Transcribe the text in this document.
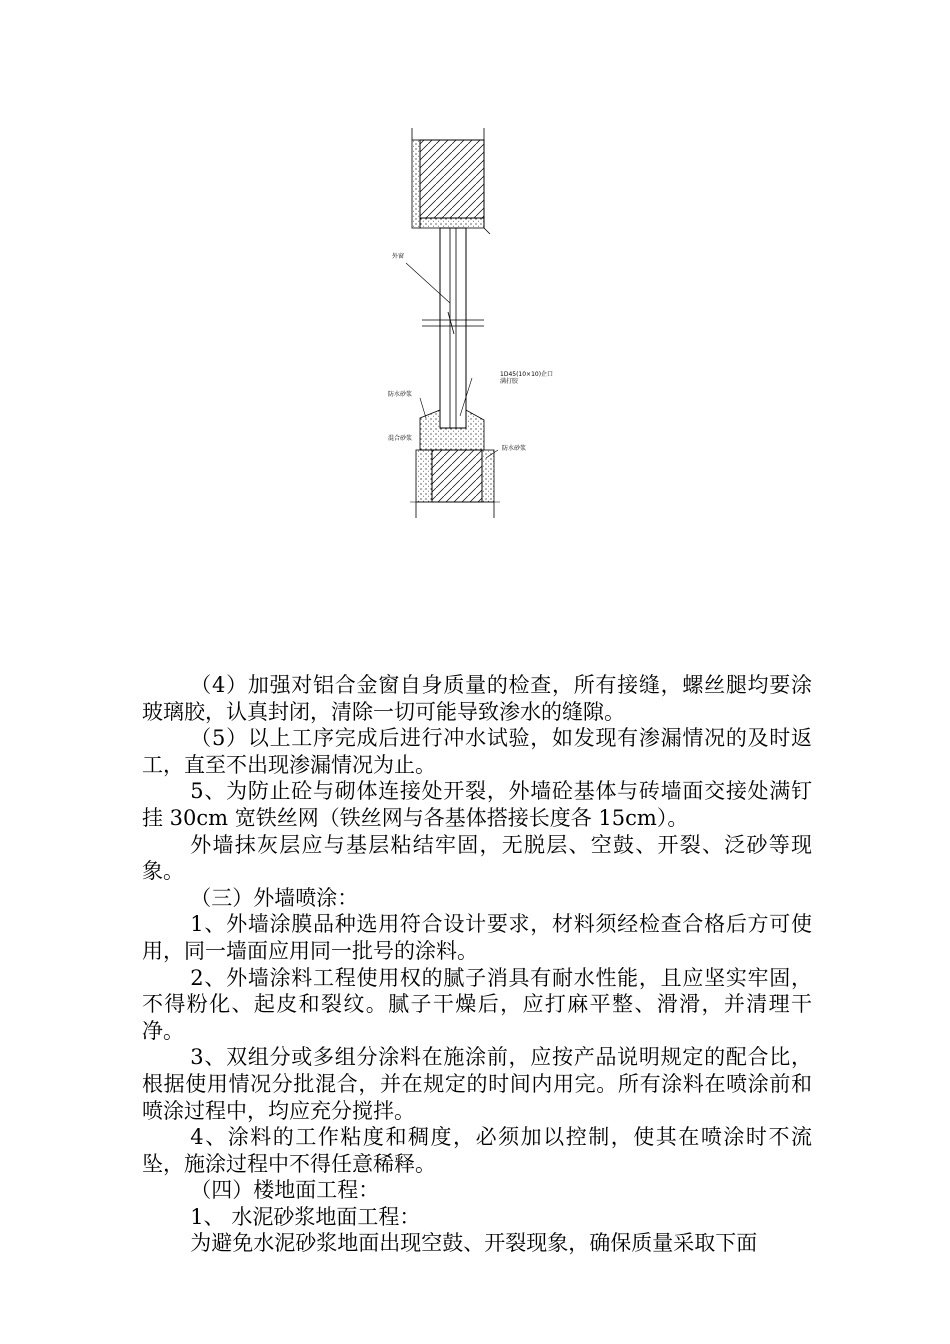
外窗
1D45(10×10)企口满打胶
防水砂浆
混合砂浆
防水砂浆

（4）加强对铝合金窗自身质量的检查，所有接缝，螺丝腿均要涂玻璃胶，认真封闭，清除一切可能导致渗水的缝隙。

（5）以上工序完成后进行冲水试验，如发现有渗漏情况的及时返工，直至不出现渗漏情况为止。

5、为防止砼与砌体连接处开裂，外墙砼基体与砖墙面交接处满钉挂 30cm 宽铁丝网（铁丝网与各基体搭接长度各 15cm）。

外墙抹灰层应与基层粘结牢固，无脱层、空鼓、开裂、泛砂等现象。

（三）外墙喷涂：

1、外墙涂膜品种选用符合设计要求，材料须经检查合格后方可使用，同一墙面应用同一批号的涂料。

2、外墙涂料工程使用权的腻子消具有耐水性能，且应坚实牢固，不得粉化、起皮和裂纹。腻子干燥后，应打麻平整、滑滑，并清理干净。

3、双组分或多组分涂料在施涂前，应按产品说明规定的配合比，根据使用情况分批混合，并在规定的时间内用完。所有涂料在喷涂前和喷涂过程中，均应充分搅拌。

4、涂料的工作粘度和稠度，必须加以控制，使其在喷涂时不流坠，施涂过程中不得任意稀释。

（四）楼地面工程：

1、 水泥砂浆地面工程：

为避免水泥砂浆地面出现空鼓、开裂现象，确保质量采取下面
